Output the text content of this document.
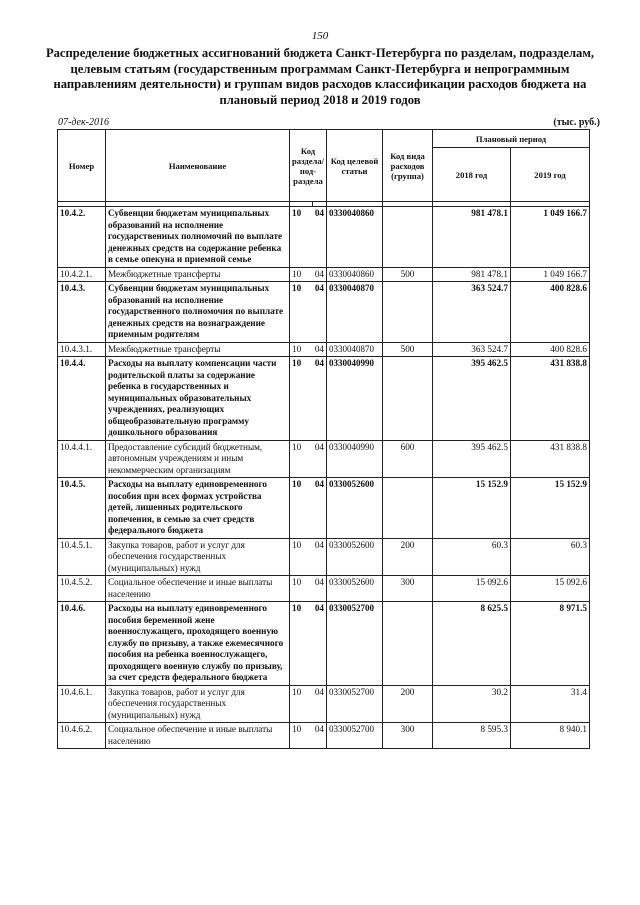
150
Распределение бюджетных ассигнований бюджета Санкт-Петербурга по разделам, подразделам, целевым статьям (государственным программам Санкт-Петербурга и непрограммным направлениям деятельности) и группам видов расходов классификации расходов бюджета на плановый период 2018 и 2019 годов
07-дек-2016	(тыс. руб.)
Номер	Наименование	Код раздела/ под-раздела		Код целевой статьи	Код вида расходов (группа)	Плановый период	
						2018 год	2019 год

10.4.2.	Субвенции бюджетам муниципальных образований на исполнение государственных полномочий по выплате денежных средств на содержание ребенка в семье опекуна и приемной семье	10	04	0330040860		981 478.1	1 049 166.7
10.4.2.1.	Межбюджетные трансферты	10	04	0330040860	500	981 478.1	1 049 166.7
10.4.3.	Субвенции бюджетам муниципальных образований на исполнение государственного полномочия по выплате денежных средств на вознаграждение приемным родителям	10	04	0330040870		363 524.7	400 828.6
10.4.3.1.	Межбюджетные трансферты	10	04	0330040870	500	363 524.7	400 828.6
10.4.4.	Расходы на выплату компенсации части родительской платы за содержание ребенка в государственных и муниципальных образовательных учреждениях, реализующих общеобразовательную программу дошкольного образования	10	04	0330040990		395 462.5	431 838.8
10.4.4.1.	Предоставление субсидий бюджетным, автономным учреждениям и иным некоммерческим организациям	10	04	0330040990	600	395 462.5	431 838.8
10.4.5.	Расходы на выплату единовременного пособия при всех формах устройства детей, лишенных родительского попечения, в семью за счет средств федерального бюджета	10	04	0330052600		15 152.9	15 152.9
10.4.5.1.	Закупка товаров, работ и услуг для обеспечения государственных (муниципальных) нужд	10	04	0330052600	200	60.3	60.3
10.4.5.2.	Социальное обеспечение и иные выплаты населению	10	04	0330052600	300	15 092.6	15 092.6
10.4.6.	Расходы на выплату единовременного пособия беременной жене военнослужащего, проходящего военную службу по призыву, а также ежемесячного пособия на ребенка военнослужащего, проходящего военную службу по призыву, за счет средств федерального бюджета	10	04	0330052700		8 625.5	8 971.5
10.4.6.1.	Закупка товаров, работ и услуг для обеспечения государственных (муниципальных) нужд	10	04	0330052700	200	30.2	31.4
10.4.6.2.	Социальное обеспечение и иные выплаты населению	10	04	0330052700	300	8 595.3	8 940.1
